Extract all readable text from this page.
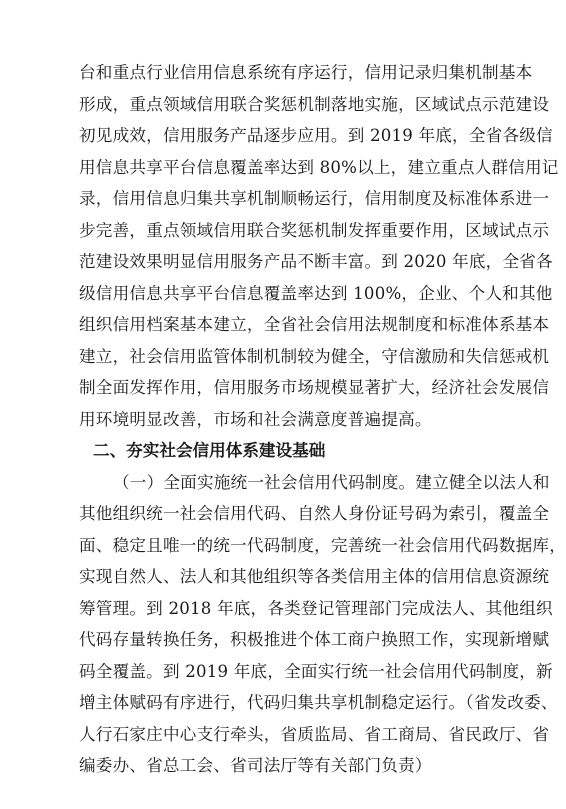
台和重点行业信用信息系统有序运行，信用记录归集机制基本
形成，重点领域信用联合奖惩机制落地实施，区域试点示范建设
初见成效，信用服务产品逐步应用。到 2019 年底，全省各级信
用信息共享平台信息覆盖率达到 80%以上，建立重点人群信用记
录，信用信息归集共享机制顺畅运行，信用制度及标准体系进一
步完善，重点领域信用联合奖惩机制发挥重要作用，区域试点示
范建设效果明显信用服务产品不断丰富。到 2020 年底，全省各
级信用信息共享平台信息覆盖率达到 100%，企业、个人和其他
组织信用档案基本建立，全省社会信用法规制度和标准体系基本
建立，社会信用监管体制机制较为健全，守信激励和失信惩戒机
制全面发挥作用，信用服务市场规模显著扩大，经济社会发展信
用环境明显改善，市场和社会满意度普遍提高。
二、夯实社会信用体系建设基础
（一）全面实施统一社会信用代码制度。建立健全以法人和
其他组织统一社会信用代码、自然人身份证号码为索引，覆盖全
面、稳定且唯一的统一代码制度，完善统一社会信用代码数据库，
实现自然人、法人和其他组织等各类信用主体的信用信息资源统
筹管理。到 2018 年底，各类登记管理部门完成法人、其他组织
代码存量转换任务，积极推进个体工商户换照工作，实现新增赋
码全覆盖。到 2019 年底，全面实行统一社会信用代码制度，新
增主体赋码有序进行，代码归集共享机制稳定运行。（省发改委、
人行石家庄中心支行牵头，省质监局、省工商局、省民政厅、省
编委办、省总工会、省司法厅等有关部门负责）
